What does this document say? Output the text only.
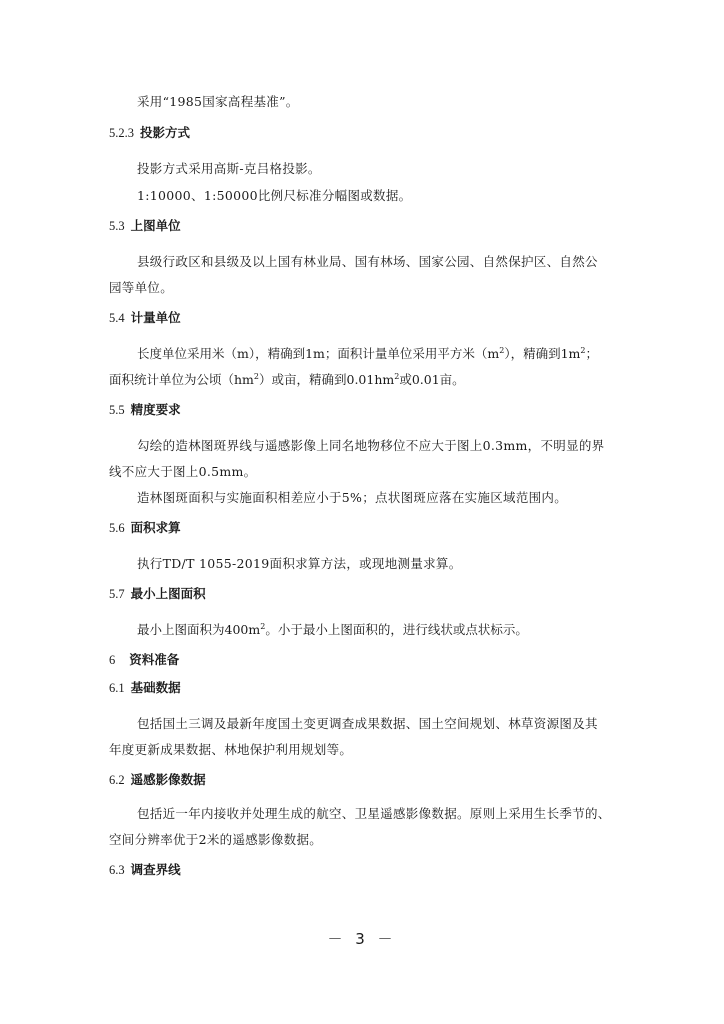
采用“1985国家高程基准”。
5.2.3 投影方式
投影方式采用高斯-克吕格投影。
1:10000、1:50000比例尺标准分幅图或数据。
5.3 上图单位
县级行政区和县级及以上国有林业局、国有林场、国家公园、自然保护区、自然公
园等单位。
5.4 计量单位
长度单位采用米（m），精确到1m；面积计量单位采用平方米$(m^2)$，精确到$1m^2$；
面积统计单位为公顷$(hm^2)$或亩，精确到$0.01hm^2$或0.01亩。
5.5 精度要求
勾绘的造林图斑界线与遥感影像上同名地物移位不应大于图上0.3mm，不明显的界
线不应大于图上0.5mm。
造林图斑面积与实施面积相差应小于5%；点状图斑应落在实施区域范围内。
5.6 面积求算
执行TD/T 1055-2019面积求算方法，或现地测量求算。
5.7 最小上图面积
最小上图面积为$400m^2$。小于最小上图面积的，进行线状或点状标示。
6 资料准备
6.1 基础数据
包括国土三调及最新年度国土变更调查成果数据、国土空间规划、林草资源图及其
年度更新成果数据、林地保护利用规划等。
6.2 遥感影像数据
包括近一年内接收并处理生成的航空、卫星遥感影像数据。原则上采用生长季节的、
空间分辨率优于2米的遥感影像数据。
6.3 调查界线
－ 3 －
